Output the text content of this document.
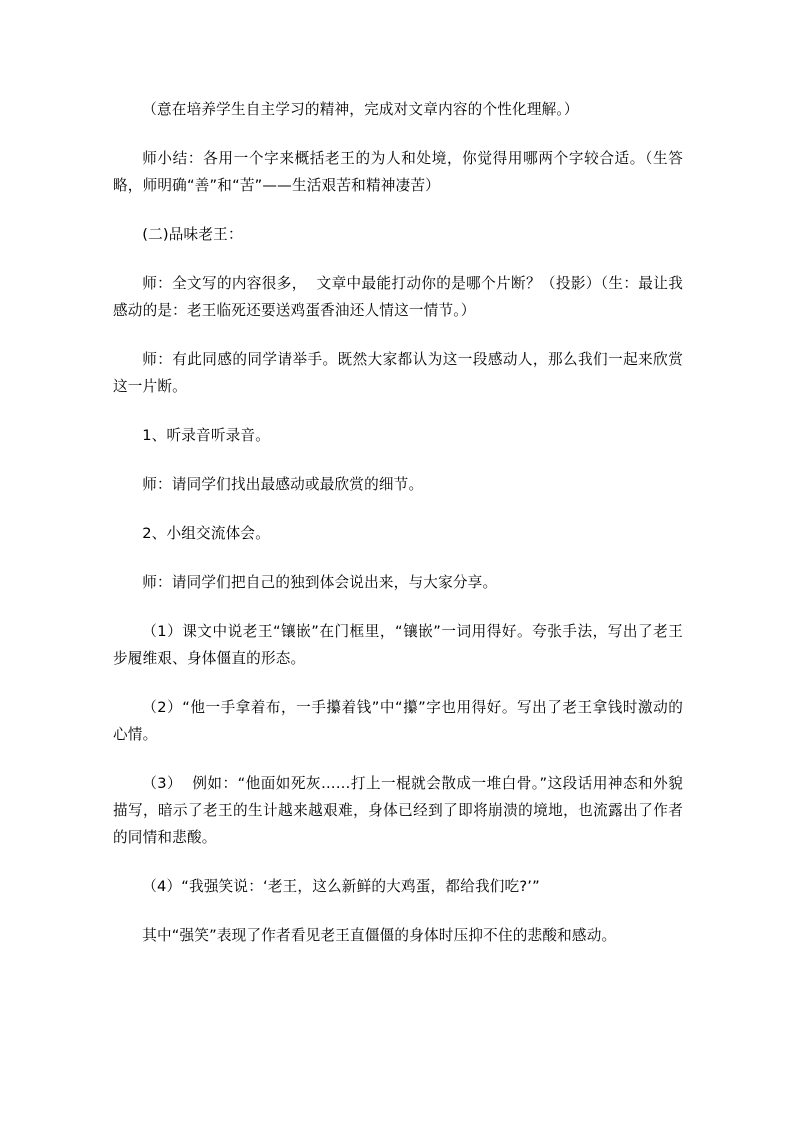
（意在培养学生自主学习的精神，完成对文章内容的个性化理解。）

师小结：各用一个字来概括老王的为人和处境，你觉得用哪两个字较合适。（生答略，师明确“善”和“苦”——生活艰苦和精神凄苦）

(二)品味老王：

师：全文写的内容很多，  文章中最能打动你的是哪个片断？（投影）（生：最让我感动的是：老王临死还要送鸡蛋香油还人情这一情节。）

师：有此同感的同学请举手。既然大家都认为这一段感动人，那么我们一起来欣赏这一片断。

1、听录音听录音。

师：请同学们找出最感动或最欣赏的细节。

2、小组交流体会。

师：请同学们把自己的独到体会说出来，与大家分享。

（1）课文中说老王“镶嵌”在门框里，“镶嵌”一词用得好。夸张手法，写出了老王步履维艰、身体僵直的形态。

（2）“他一手拿着布，一手攥着钱”中“攥”字也用得好。写出了老王拿钱时激动的心情。

（3）  例如：“他面如死灰……打上一棍就会散成一堆白骨。”这段话用神态和外貌描写，暗示了老王的生计越来越艰难，身体已经到了即将崩溃的境地，也流露出了作者的同情和悲酸。

（4）“我强笑说：‘老王，这么新鲜的大鸡蛋，都给我们吃?’”

其中“强笑”表现了作者看见老王直僵僵的身体时压抑不住的悲酸和感动。
